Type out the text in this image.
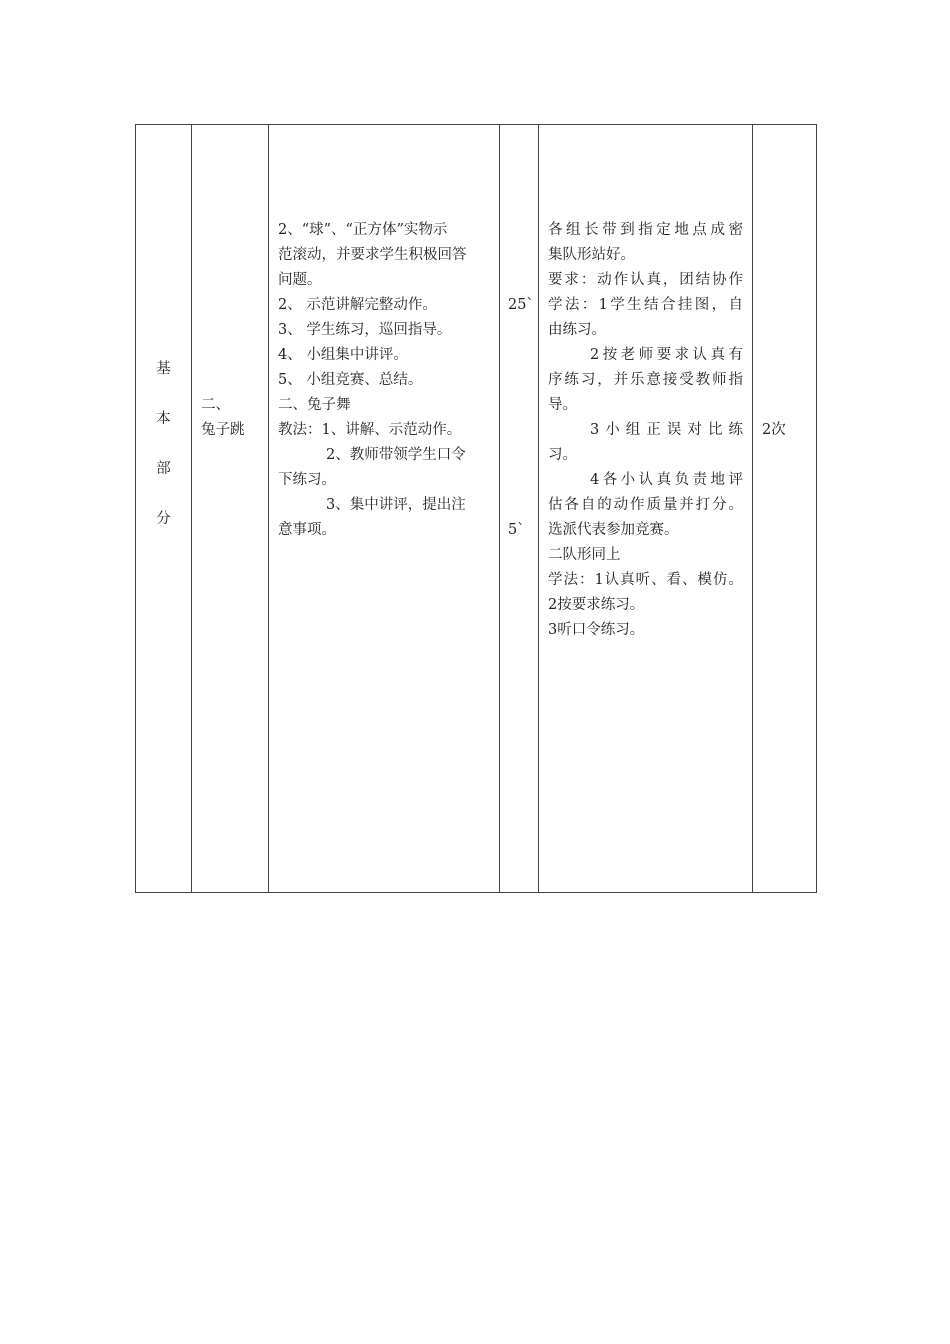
基
本
部
分

二、
兔子跳

2、“球”、“正方体”实物示
范滚动，并要求学生积极回答
问题。
2、 示范讲解完整动作。
3、 学生练习，巡回指导。
4、 小组集中讲评。
5、 小组竞赛、总结。
二、兔子舞
教法：1、讲解、示范动作。
2、教师带领学生口令
下练习。
3、集中讲评，提出注
意事项。

25`
5`

各组长带到指定地点成密
集队形站好。
要求：动作认真，团结协作
学法：1学生结合挂图，自
由练习。
2按老师要求认真有
序练习，并乐意接受教师指
导。
3小组正误对比练
习。
4各小认真负责地评
估各自的动作质量并打分。
选派代表参加竞赛。
二队形同上
学法：1认真听、看、模仿。
2按要求练习。
3听口令练习。

2次
